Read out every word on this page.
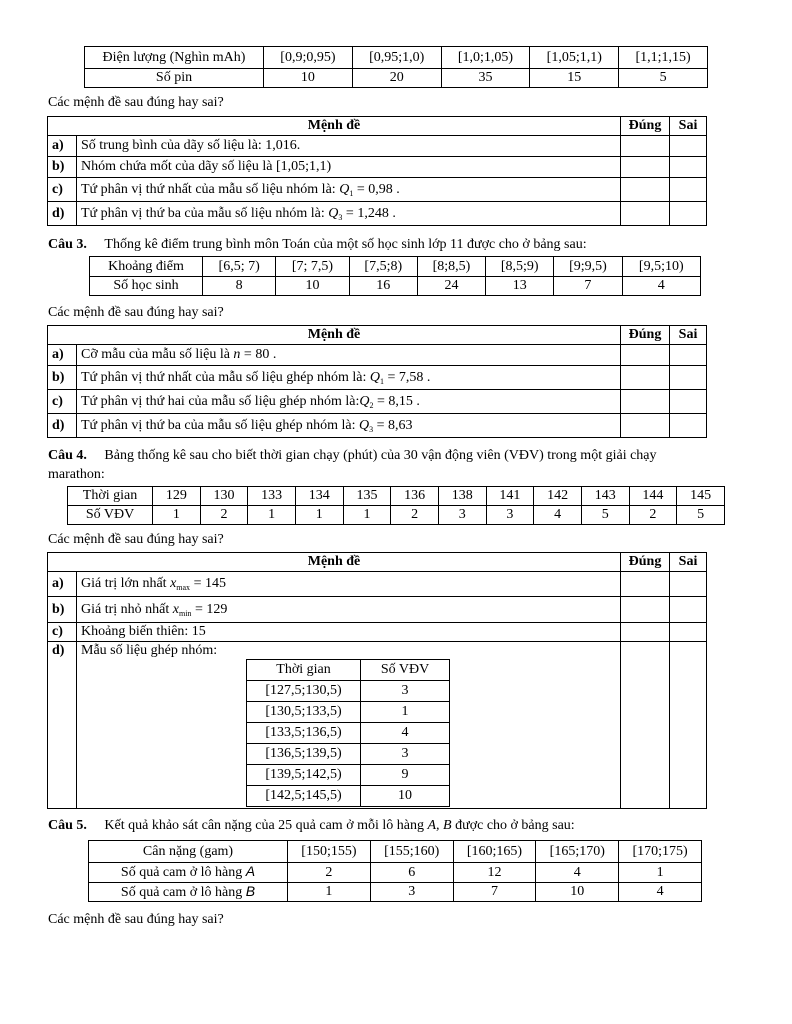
Điện lượng (Nghìn mAh)	[0,9;0,95)	[0,95;1,0)	[1,0;1,05)	[1,05;1,1)	[1,1;1,15)
Số pin	10	20	35	15	5
Các mệnh đề sau đúng hay sai?
Mệnh đề		Đúng	Sai
a)	Số trung bình của dãy số liệu là: 1,016.		
b)	Nhóm chứa mốt của dãy số liệu là [1,05;1,1)		
c)	Tứ phân vị thứ nhất của mẫu số liệu nhóm là: $Q_1 = 0,98$ .		
d)	Tứ phân vị thứ ba của mẫu số liệu nhóm là: $Q_3 = 1,248$ .		
Câu 3. Thống kê điểm trung bình môn Toán của một số học sinh lớp 11 được cho ở bảng sau:
Khoảng điểm	[6,5; 7)	[7; 7,5)	[7,5;8)	[8;8,5)	[8,5;9)	[9;9,5)	[9,5;10)
Số học sinh	8	10	16	24	13	7	4
Các mệnh đề sau đúng hay sai?
Mệnh đề		Đúng	Sai
a)	Cỡ mẫu của mẫu số liệu là n = 80 .		
b)	Tứ phân vị thứ nhất của mẫu số liệu ghép nhóm là: $Q_1 = 7,58$ .		
c)	Tứ phân vị thứ hai của mẫu số liệu ghép nhóm $là:Q_2 = 8,15$ .		
d)	Tứ phân vị thứ ba của mẫu số liệu ghép nhóm là: $Q_3 = 8,63$		
Câu 4. Bảng thống kê sau cho biết thời gian chạy (phút) của 30 vận động viên (VĐV) trong một giải chạy
marathon:
Thời gian	129	130	133	134	135	136	138	141	142	143	144	145
Số VĐV	1	2	1	1	1	2	3	3	4	5	2	5
Các mệnh đề sau đúng hay sai?
Mệnh đề		Đúng	Sai
a)	Giá trị lớn nhất $x_{max} = 145$		
b)	Giá trị nhỏ nhất $x_{min} = 129$		
c)	Khoảng biến thiên: 15		
d)	Mẫu số liệu ghép nhóm:		
Thời gian	Số VĐV
[127,5;130,5)	3
[130,5;133,5)	1
[133,5;136,5)	4
[136,5;139,5)	3
[139,5;142,5)	9
[142,5;145,5)	10
Câu 5. Kết quả khảo sát cân nặng của 25 quả cam ở mỗi lô hàng A, B được cho ở bảng sau:
Cân nặng (gam)	[150;155)	[155;160)	[160;165)	[165;170)	[170;175)
Số quả cam ở lô hàng A	2	6	12	4	1
Số quả cam ở lô hàng B	1	3	7	10	4
Các mệnh đề sau đúng hay sai?
